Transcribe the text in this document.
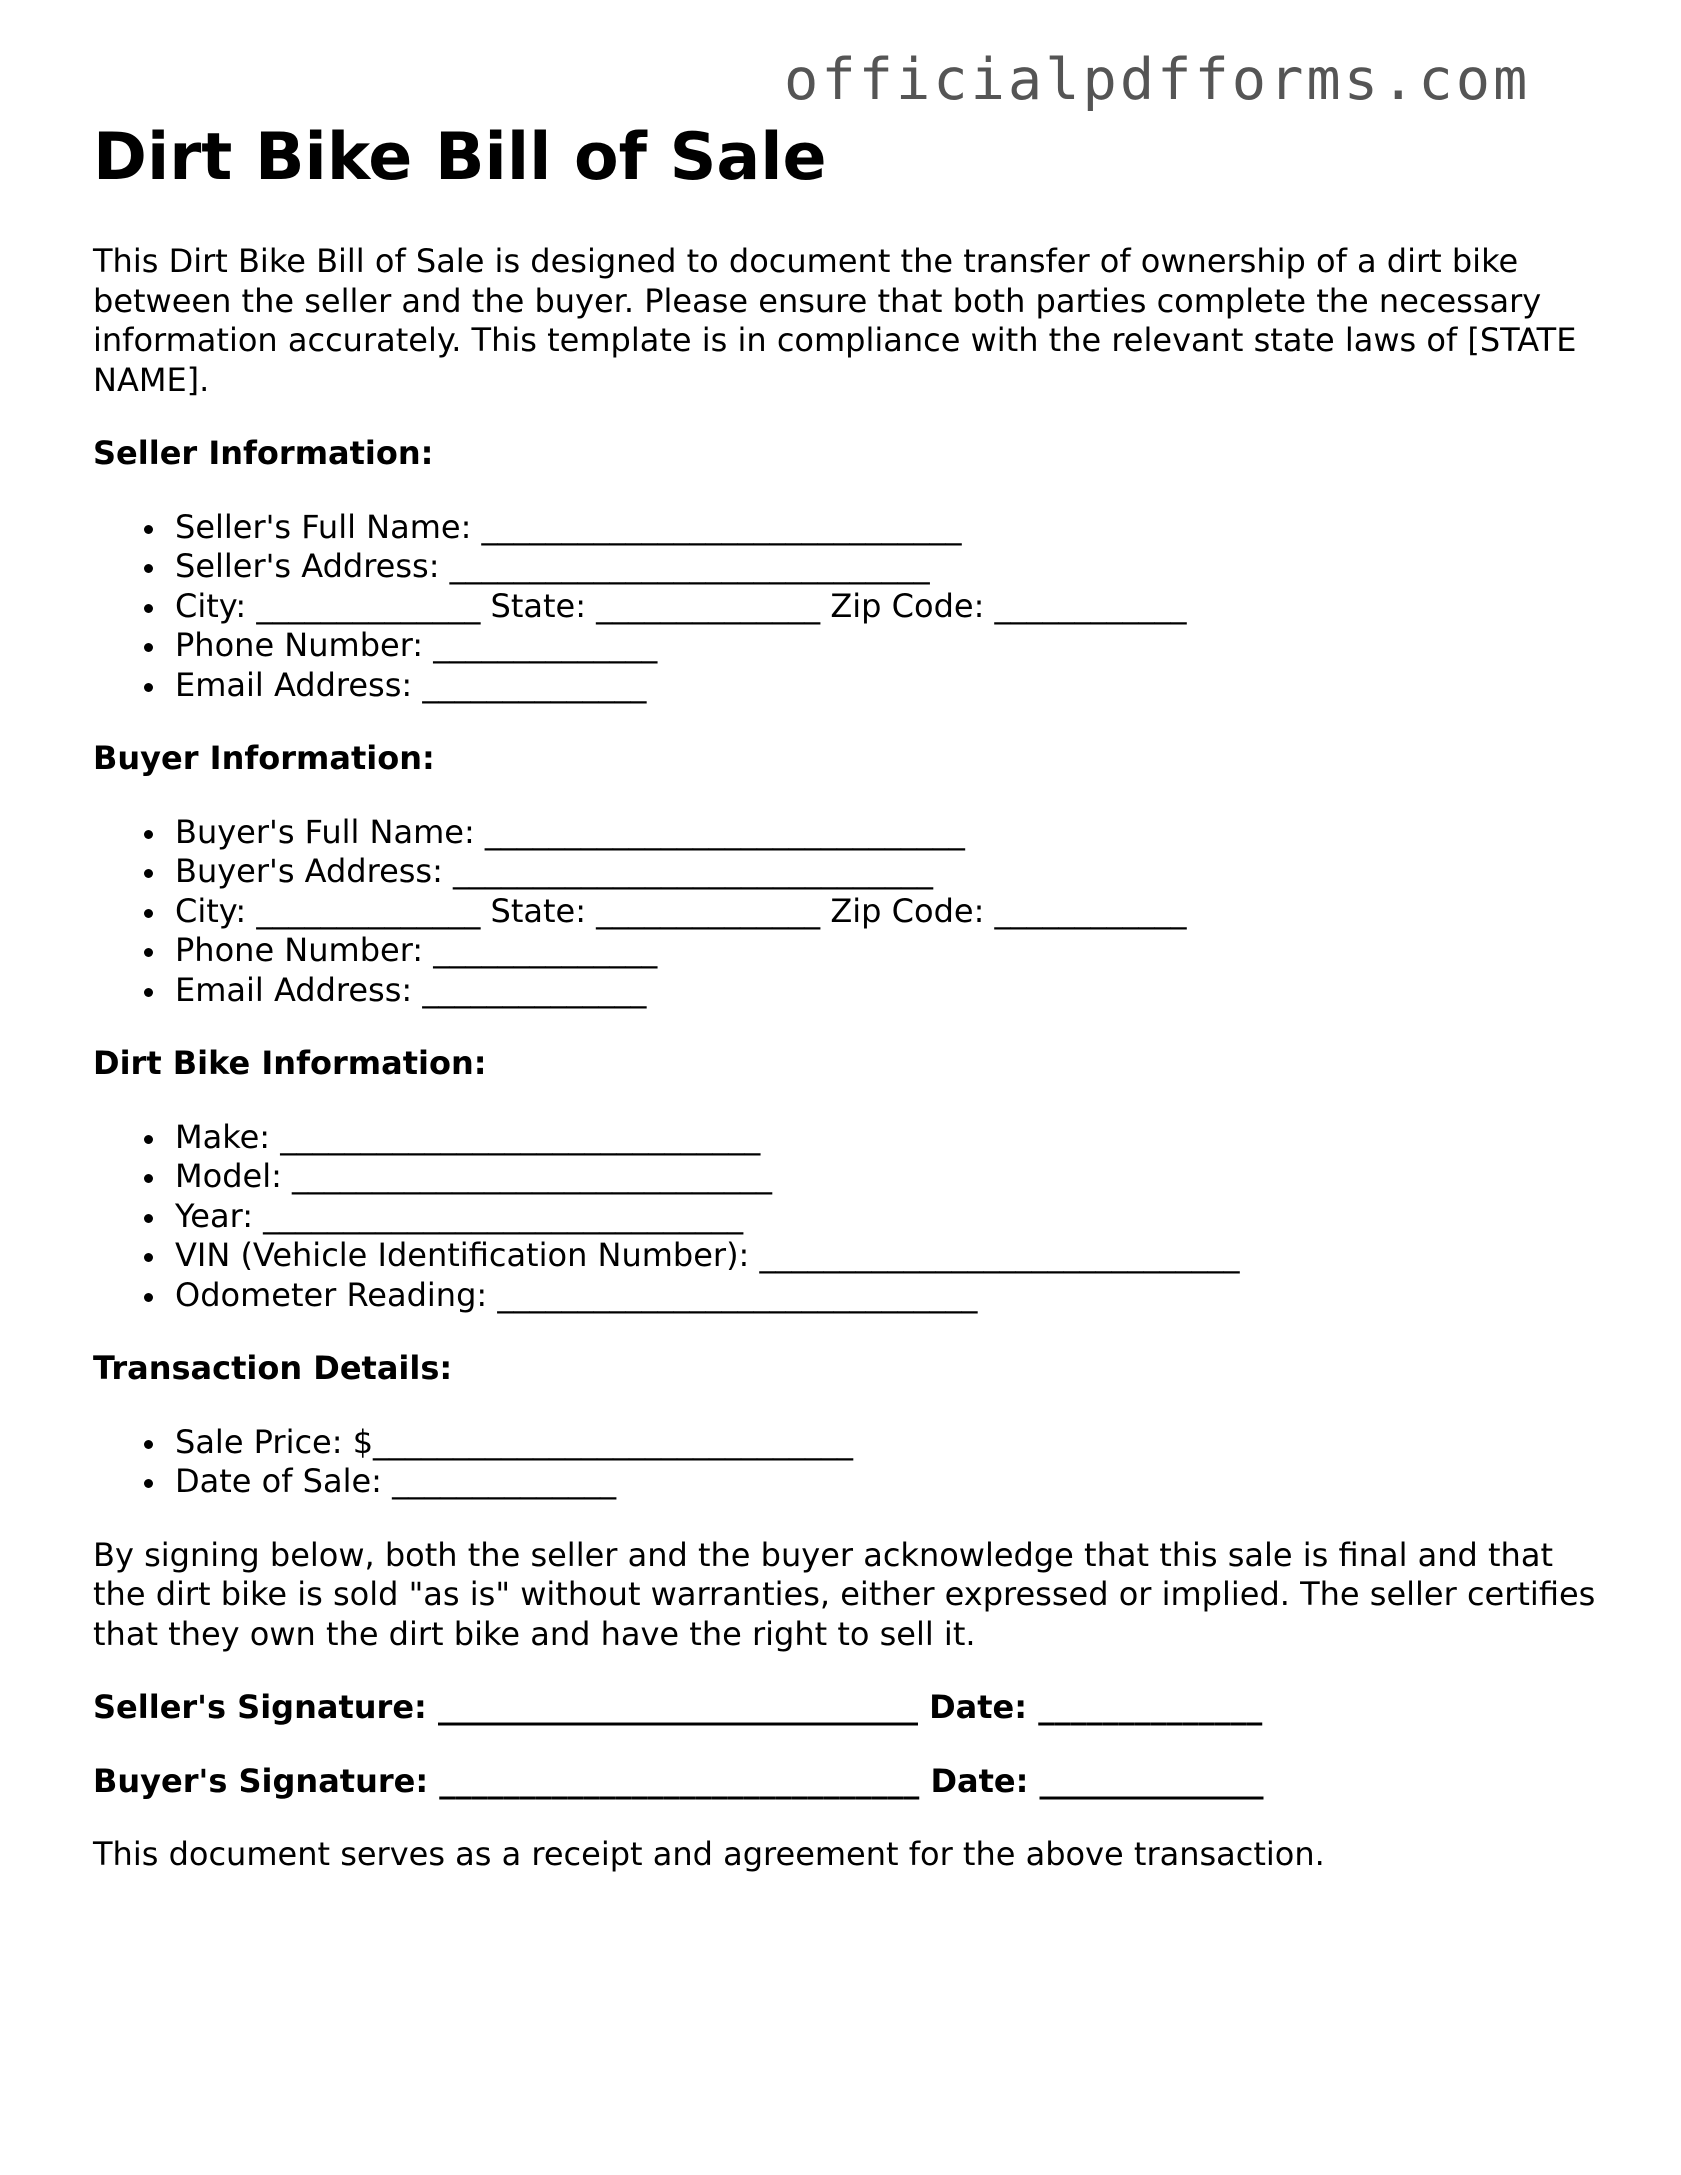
officialpdfforms.com
Dirt Bike Bill of Sale

This Dirt Bike Bill of Sale is designed to document the transfer of ownership of a dirt bike between the seller and the buyer. Please ensure that both parties complete the necessary information accurately. This template is in compliance with the relevant state laws of [STATE NAME].

Seller Information:
Seller's Full Name: ______________________________
Seller's Address: ______________________________
City: ______________ State: ______________ Zip Code: ____________
Phone Number: ______________
Email Address: ______________
Buyer Information:
Buyer's Full Name: ______________________________
Buyer's Address: ______________________________
City: ______________ State: ______________ Zip Code: ____________
Phone Number: ______________
Email Address: ______________
Dirt Bike Information:
Make: ______________________________
Model: ______________________________
Year: ______________________________
VIN (Vehicle Identification Number): ______________________________
Odometer Reading: ______________________________
Transaction Details:
Sale Price: $______________________________
Date of Sale: ______________

By signing below, both the seller and the buyer acknowledge that this sale is final and that the dirt bike is sold "as is" without warranties, either expressed or implied. The seller certifies that they own the dirt bike and have the right to sell it.

Seller's Signature: ______________________________ Date: ______________
Buyer's Signature: ______________________________ Date: ______________

This document serves as a receipt and agreement for the above transaction.
